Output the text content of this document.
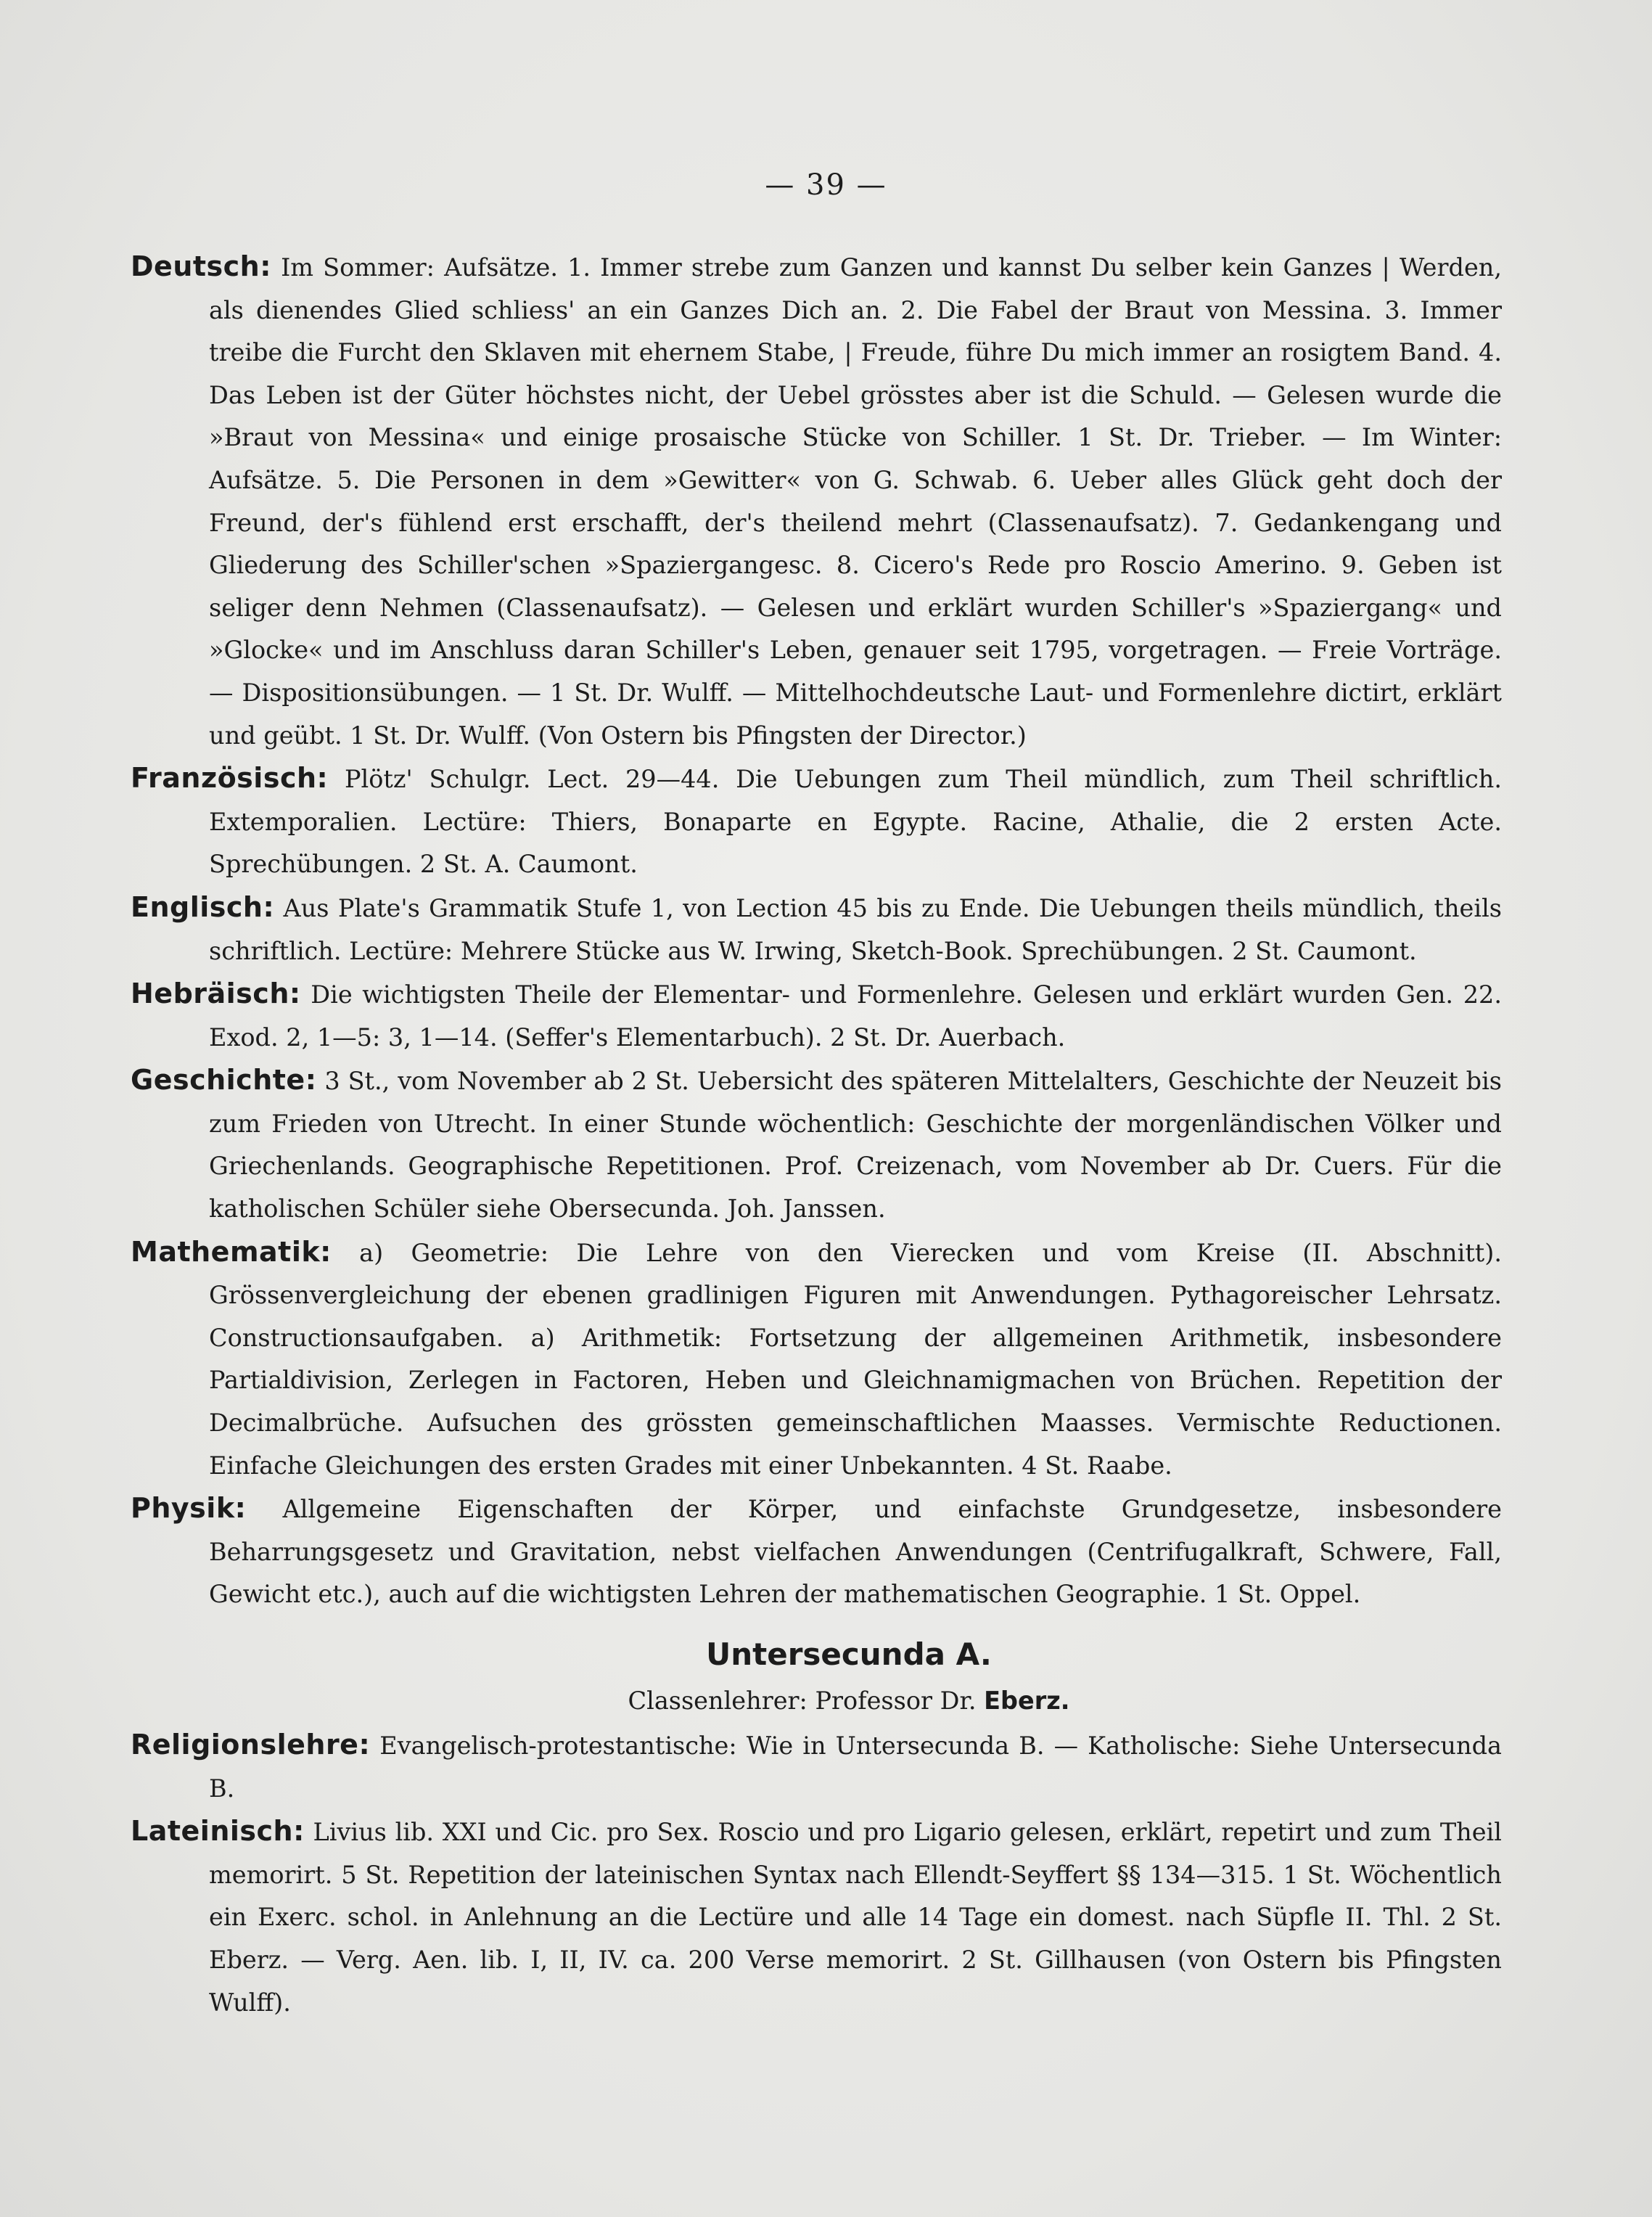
— 39 —

Deutsch: Im Sommer: Aufsätze. 1. Immer strebe zum Ganzen und kannst Du selber kein Ganzes | Werden, als dienendes Glied schliess' an ein Ganzes Dich an. 2. Die Fabel der Braut von Messina. 3. Immer treibe die Furcht den Sklaven mit ehernem Stabe, | Freude, führe Du mich immer an rosigtem Band. 4. Das Leben ist der Güter höchstes nicht, der Uebel grösstes aber ist die Schuld. — Gelesen wurde die »Braut von Messina« und einige prosaische Stücke von Schiller. 1 St. Dr. Trieber. — Im Winter: Aufsätze. 5. Die Personen in dem »Gewitter« von G. Schwab. 6. Ueber alles Glück geht doch der Freund, der's fühlend erst erschafft, der's theilend mehrt (Classenaufsatz). 7. Gedankengang und Gliederung des Schiller'schen »Spaziergangesc. 8. Cicero's Rede pro Roscio Amerino. 9. Geben ist seliger denn Nehmen (Classenaufsatz). — Gelesen und erklärt wurden Schiller's »Spaziergang« und »Glocke« und im Anschluss daran Schiller's Leben, genauer seit 1795, vorgetragen. — Freie Vorträge. — Dispositionsübungen. — 1 St. Dr. Wulff. — Mittelhochdeutsche Laut- und Formenlehre dictirt, erklärt und geübt. 1 St. Dr. Wulff. (Von Ostern bis Pfingsten der Director.)

Französisch: Plötz' Schulgr. Lect. 29—44. Die Uebungen zum Theil mündlich, zum Theil schriftlich. Extemporalien. Lectüre: Thiers, Bonaparte en Egypte. Racine, Athalie, die 2 ersten Acte. Sprechübungen. 2 St. A. Caumont.

Englisch: Aus Plate's Grammatik Stufe 1, von Lection 45 bis zu Ende. Die Uebungen theils mündlich, theils schriftlich. Lectüre: Mehrere Stücke aus W. Irwing, Sketch-Book. Sprechübungen. 2 St. Caumont.

Hebräisch: Die wichtigsten Theile der Elementar- und Formenlehre. Gelesen und erklärt wurden Gen. 22. Exod. 2, 1—5: 3, 1—14. (Seffer's Elementarbuch). 2 St. Dr. Auerbach.

Geschichte: 3 St., vom November ab 2 St. Uebersicht des späteren Mittelalters, Geschichte der Neuzeit bis zum Frieden von Utrecht. In einer Stunde wöchentlich: Geschichte der morgenländischen Völker und Griechenlands. Geographische Repetitionen. Prof. Creizenach, vom November ab Dr. Cuers. Für die katholischen Schüler siehe Obersecunda. Joh. Janssen.

Mathematik: a) Geometrie: Die Lehre von den Vierecken und vom Kreise (II. Abschnitt). Grössenvergleichung der ebenen gradlinigen Figuren mit Anwendungen. Pythagoreischer Lehrsatz. Constructionsaufgaben. a) Arithmetik: Fortsetzung der allgemeinen Arithmetik, insbesondere Partialdivision, Zerlegen in Factoren, Heben und Gleichnamigmachen von Brüchen. Repetition der Decimalbrüche. Aufsuchen des grössten gemeinschaftlichen Maasses. Vermischte Reductionen. Einfache Gleichungen des ersten Grades mit einer Unbekannten. 4 St. Raabe.

Physik: Allgemeine Eigenschaften der Körper, und einfachste Grundgesetze, insbesondere Beharrungsgesetz und Gravitation, nebst vielfachen Anwendungen (Centrifugalkraft, Schwere, Fall, Gewicht etc.), auch auf die wichtigsten Lehren der mathematischen Geographie. 1 St. Oppel.

Untersecunda A.
Classenlehrer: Professor Dr. Eberz.

Religionslehre: Evangelisch-protestantische: Wie in Untersecunda B. — Katholische: Siehe Untersecunda B.

Lateinisch: Livius lib. XXI und Cic. pro Sex. Roscio und pro Ligario gelesen, erklärt, repetirt und zum Theil memorirt. 5 St. Repetition der lateinischen Syntax nach Ellendt-Seyffert §§ 134—315. 1 St. Wöchentlich ein Exerc. schol. in Anlehnung an die Lectüre und alle 14 Tage ein domest. nach Süpfle II. Thl. 2 St. Eberz. — Verg. Aen. lib. I, II, IV. ca. 200 Verse memorirt. 2 St. Gillhausen (von Ostern bis Pfingsten Wulff).
